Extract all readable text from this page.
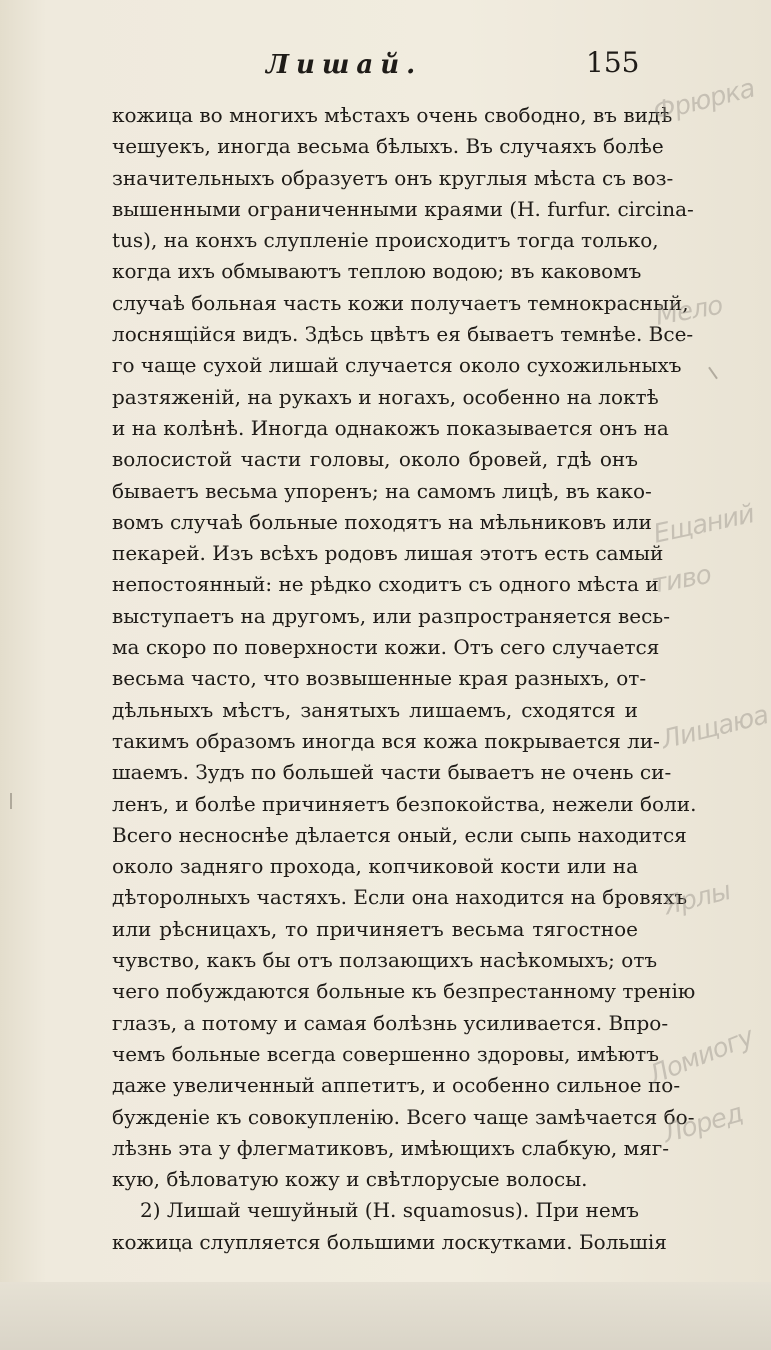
Лишай.	155
кожица во многихъ мѣстахъ очень свободно, въ видѣ
чешуекъ, иногда весьма бѣлыхъ. Въ случаяхъ болѣе
значительныхъ образуетъ онъ круглыя мѣста съ воз-
вышенными ограниченными краями (H. furfur. circina-
tus), на конхъ слупленіе происходитъ тогда только,
когда ихъ обмываютъ теплою водою; въ каковомъ
случаѣ больная часть кожи получаетъ темнокрасный,
лоснящійся видъ. Здѣсь цвѣтъ ея бываетъ темнѣе. Все-
го чаще сухой лишай случается около сухожильныхъ
разтяженій, на рукахъ и ногахъ, особенно на локтѣ
и на колѣнѣ. Иногда однакожъ показывается онъ на
волосистой части головы, около бровей, гдѣ онъ
бываетъ весьма упоренъ; на самомъ лицѣ, въ како-
вомъ случаѣ больные походятъ на мѣльниковъ или
пекарей. Изъ всѣхъ родовъ лишая этотъ есть самый
непостоянный: не рѣдко сходитъ съ одного мѣста и
выступаетъ на другомъ, или разпространяется весь-
ма скоро по поверхности кожи. Отъ сего случается
весьма часто, что возвышенные края разныхъ, от-
дѣльныхъ мѣстъ, занятыхъ лишаемъ, сходятся и
такимъ образомъ иногда вся кожа покрывается ли-
шаемъ. Зудъ по большей части бываетъ не очень си-
ленъ, и болѣе причиняетъ безпокойства, нежели боли.
Всего несноснѣе дѣлается оный, если сыпь находится
около задняго прохода, копчиковой кости или на
дѣторолныхъ частяхъ. Если она находится на бровяхъ
или рѣсницахъ, то причиняетъ весьма тягостное
чувство, какъ бы отъ ползающихъ насѣкомыхъ; отъ
чего побуждаются больные къ безпрестанному тренію
глазъ, а потому и самая болѣзнь усиливается. Впро-
чемъ больные всегда совершенно здоровы, имѣютъ
даже увеличенный аппетитъ, и особенно сильное по-
бужденіе къ совокупленію. Всего чаще замѣчается бо-
лѣзнь эта у флегматиковъ, имѣющихъ слабкую, мяг-
кую, бѣловатую кожу и свѣтлорусые волосы.
2) Лишай чешуйный (H. squamosus). При немъ
кожица слупляется большими лоскутками. Большія
Фрюрка
Мело
Ещаний
тиво
Лищаюа
Ярлы
Ломиогу
Лоред
